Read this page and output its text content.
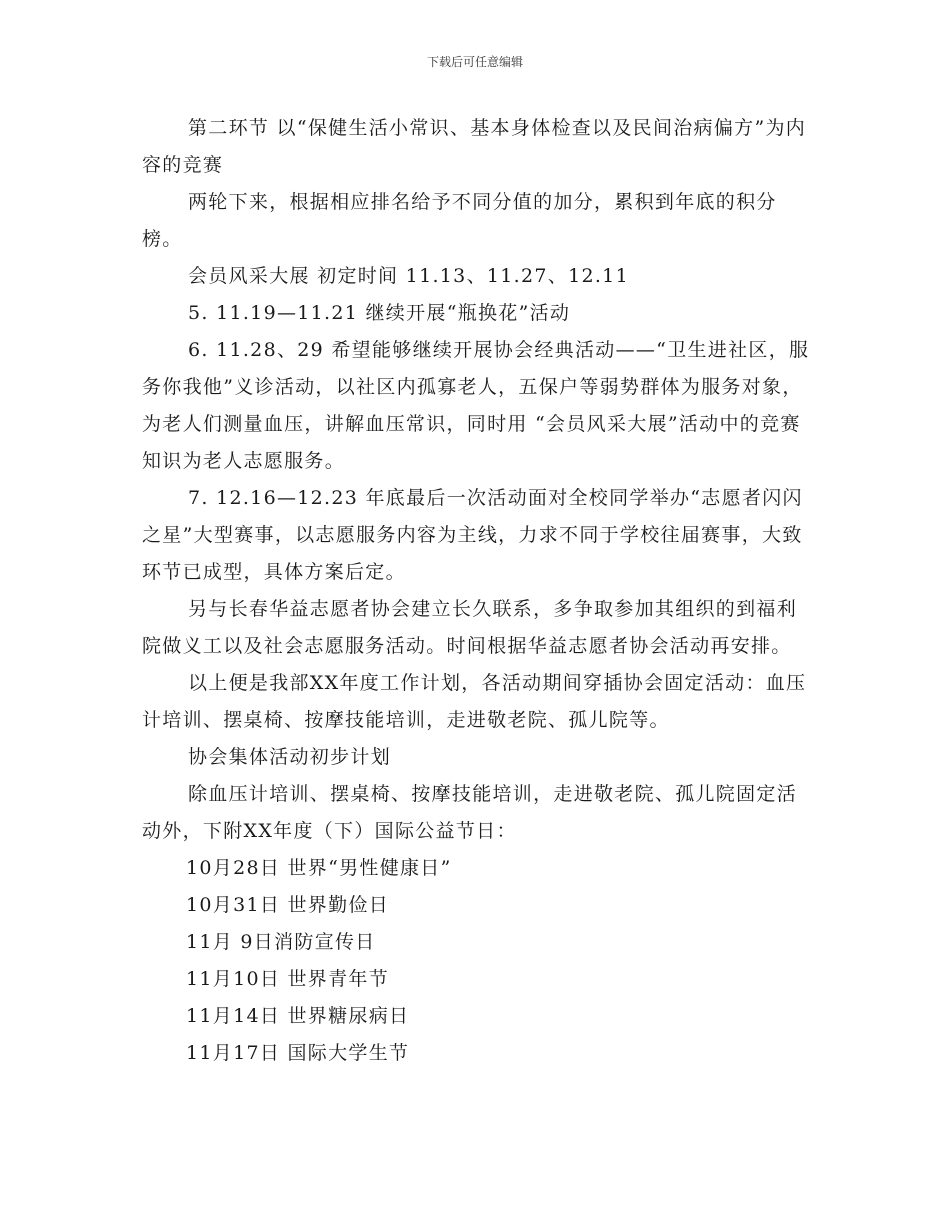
下载后可任意编辑

第二环节 以“保健生活小常识、基本身体检查以及民间治病偏方”为内容的竞赛

两轮下来，根据相应排名给予不同分值的加分，累积到年底的积分榜。

会员风采大展 初定时间 11.13、11.27、12.11

5. 11.19—11.21 继续开展“瓶换花”活动

6. 11.28、29 希望能够继续开展协会经典活动——“卫生进社区，服务你我他”义诊活动，以社区内孤寡老人，五保户等弱势群体为服务对象，为老人们测量血压，讲解血压常识，同时用 “会员风采大展”活动中的竞赛知识为老人志愿服务。

7. 12.16—12.23 年底最后一次活动面对全校同学举办“志愿者闪闪之星”大型赛事，以志愿服务内容为主线，力求不同于学校往届赛事，大致环节已成型，具体方案后定。

另与长春华益志愿者协会建立长久联系，多争取参加其组织的到福利院做义工以及社会志愿服务活动。时间根据华益志愿者协会活动再安排。

以上便是我部XX年度工作计划，各活动期间穿插协会固定活动：血压计培训、摆桌椅、按摩技能培训，走进敬老院、孤儿院等。

协会集体活动初步计划

除血压计培训、摆桌椅、按摩技能培训，走进敬老院、孤儿院固定活动外，下附XX年度（下）国际公益节日：

10月28日 世界“男性健康日”

10月31日 世界勤俭日

11月 9日消防宣传日

11月10日 世界青年节

11月14日 世界糖尿病日

11月17日 国际大学生节
